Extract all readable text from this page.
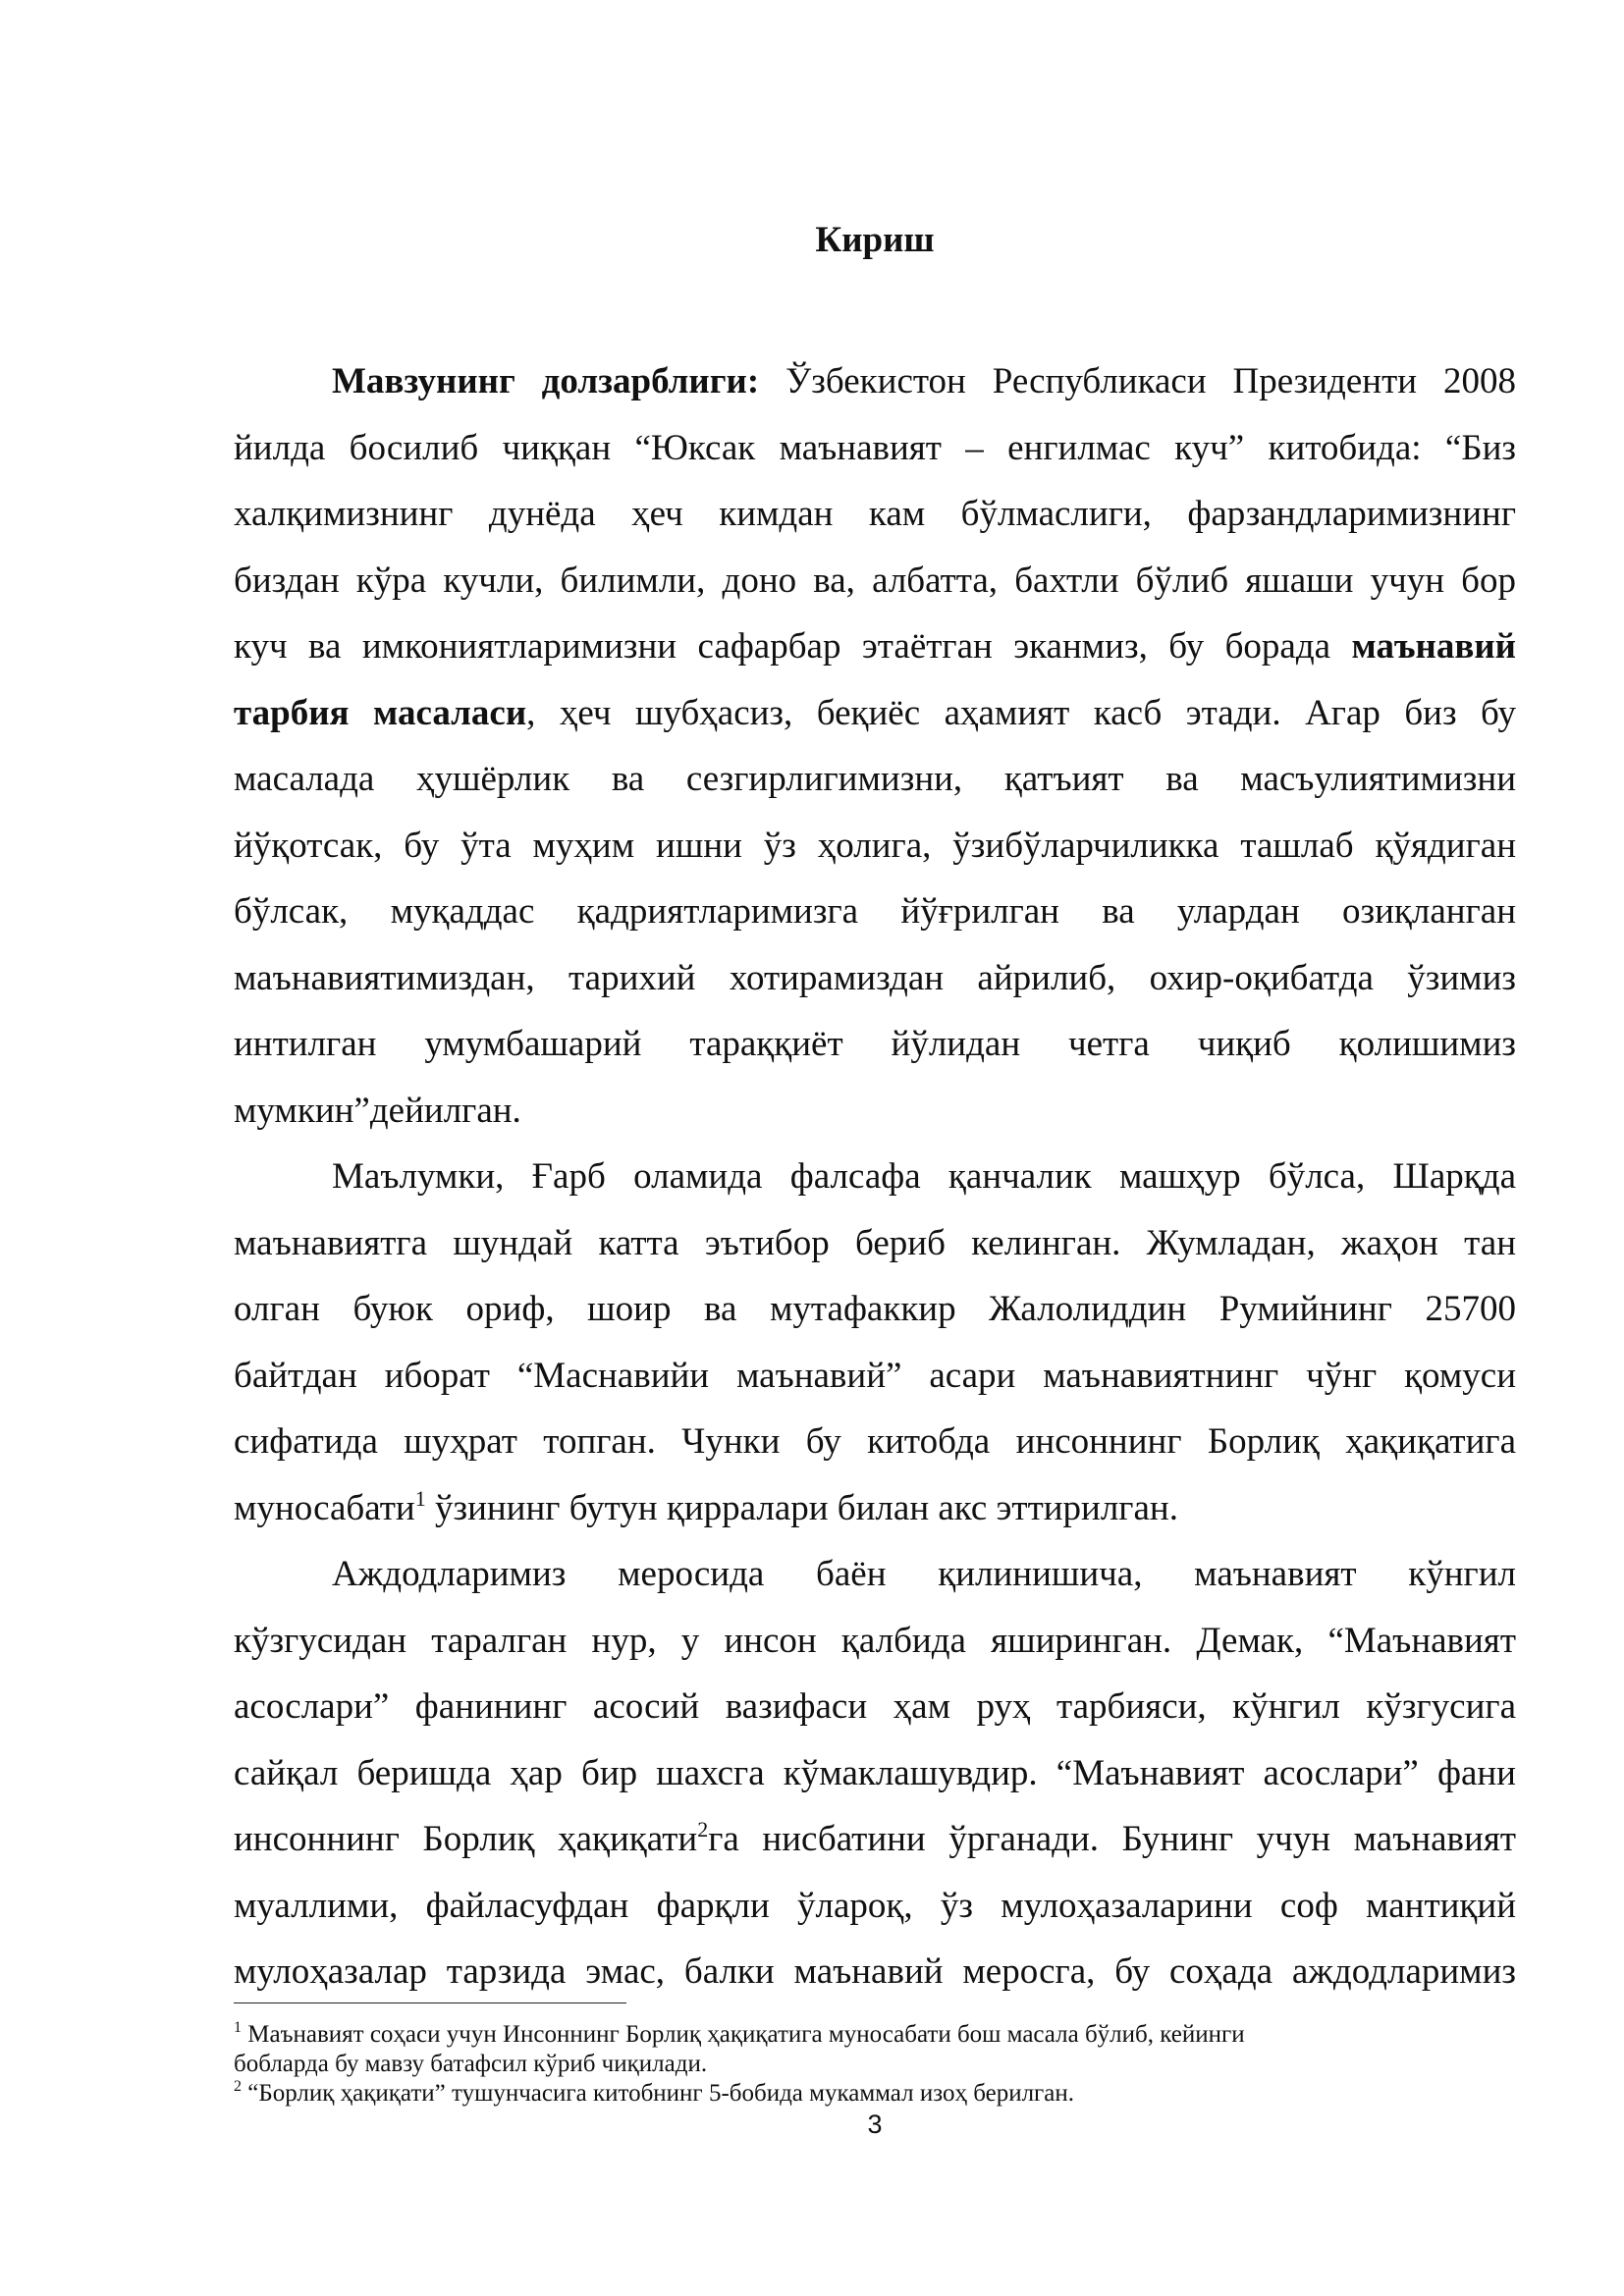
Кириш

Мавзунинг долзарблиги: Ўзбекистон Республикаси Президенти 2008
йилда босилиб чиққан “Юксак маънавият – енгилмас куч” китобида: “Биз
халқимизнинг дунёда ҳеч кимдан кам бўлмаслиги, фарзандларимизнинг
биздан кўра кучли, билимли, доно ва, албатта, бахтли бўлиб яшаши учун бор
куч ва имкониятларимизни сафарбар этаётган эканмиз, бу борада маънавий
тарбия масаласи, ҳеч шубҳасиз, беқиёс аҳамият касб этади. Агар биз бу
масалада ҳушёрлик ва сезгирлигимизни, қатъият ва масъулиятимизни
йўқотсак, бу ўта муҳим ишни ўз ҳолига, ўзибўларчиликка ташлаб қўядиган
бўлсак, муқаддас қадриятларимизга йўғрилган ва улардан озиқланган
маънавиятимиздан, тарихий хотирамиздан айрилиб, охир-оқибатда ўзимиз
интилган умумбашарий тараққиёт йўлидан четга чиқиб қолишимиз
мумкин”дейилган.

Маълумки, Ғарб оламида фалсафа қанчалик машҳур бўлса, Шарқда
маънавиятга шундай катта эътибор бериб келинган. Жумладан, жаҳон тан
олган буюк ориф, шоир ва мутафаккир Жалолиддин Румийнинг 25700
байтдан иборат “Маснавийи маънавий” асари маънавиятнинг чўнг қомуси
сифатида шуҳрат топган. Чунки бу китобда инсоннинг Борлиқ ҳақиқатига
муносабати$^1$ ўзининг бутун қирралари билан акс эттирилган.

Аждодларимиз меросида баён қилинишича, маънавият кўнгил
кўзгусидан таралган нур, у инсон қалбида яширинган. Демак, “Маънавият
асослари” фанининг асосий вазифаси ҳам руҳ тарбияси, кўнгил кўзгусига
сайқал беришда ҳар бир шахсга кўмаклашувдир. “Маънавият асослари” фани
инсоннинг Борлиқ ҳақиқати$^2$га нисбатини ўрганади. Бунинг учун маънавият
муаллими, файласуфдан фарқли ўлароқ, ўз мулоҳазаларини соф мантиқий
мулоҳазалар тарзида эмас, балки маънавий меросга, бу соҳада аждодларимиз

$^1$ Маънавият соҳаси учун Инсоннинг Борлиқ ҳақиқатига муносабати бош масала бўлиб, кейинги

бобларда бу мавзу батафсил кўриб чиқилади.

$^2$ “Борлиқ ҳақиқати” тушунчасига китобнинг 5-бобида мукаммал изоҳ берилган.

3
